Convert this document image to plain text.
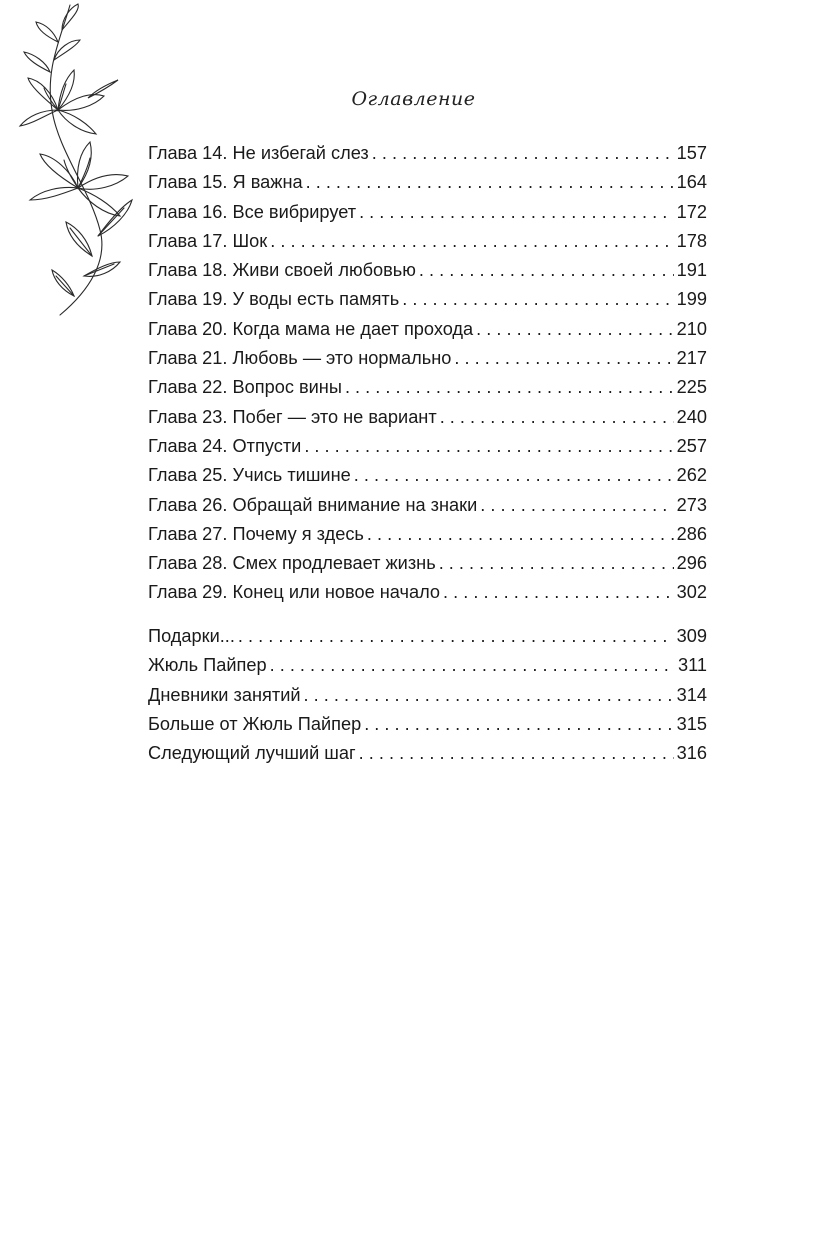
Оглавление
Глава 14. Не избегай слез . . .	157
Глава 15. Я важна . . .	164
Глава 16. Все вибрирует . . .	172
Глава 17. Шок . . .	178
Глава 18. Живи своей любовью . . .	191
Глава 19. У воды есть память . . .	199
Глава 20. Когда мама не дает прохода . . .	210
Глава 21. Любовь — это нормально . . .	217
Глава 22. Вопрос вины . . .	225
Глава 23. Побег — это не вариант . . .	240
Глава 24. Отпусти . . .	257
Глава 25. Учись тишине . . .	262
Глава 26. Обращай внимание на знаки . . .	273
Глава 27. Почему я здесь . . .	286
Глава 28. Смех продлевает жизнь . . .	296
Глава 29. Конец или новое начало . . .	302
Подарки... . . .	309
Жюль Пайпер . . .	311
Дневники занятий . . .	314
Больше от Жюль Пайпер . . .	315
Следующий лучший шаг . . .	316
